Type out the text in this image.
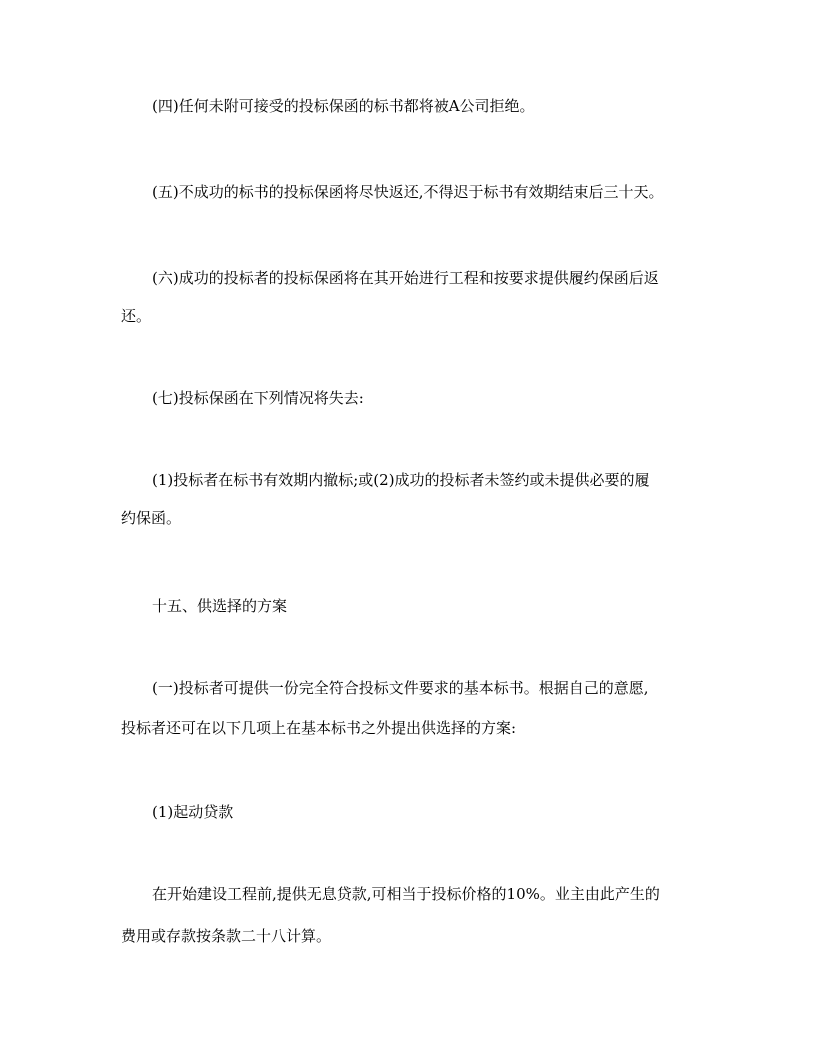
(四)任何未附可接受的投标保函的标书都将被A公司拒绝。
(五)不成功的标书的投标保函将尽快返还,不得迟于标书有效期结束后三十天。
(六)成功的投标者的投标保函将在其开始进行工程和按要求提供履约保函后返
还。
(七)投标保函在下列情况将失去:
(1)投标者在标书有效期内撤标;或(2)成功的投标者未签约或未提供必要的履
约保函。
十五、供选择的方案
(一)投标者可提供一份完全符合投标文件要求的基本标书。根据自己的意愿,
投标者还可在以下几项上在基本标书之外提出供选择的方案:
(1)起动贷款
在开始建设工程前,提供无息贷款,可相当于投标价格的10%。业主由此产生的
费用或存款按条款二十八计算。
